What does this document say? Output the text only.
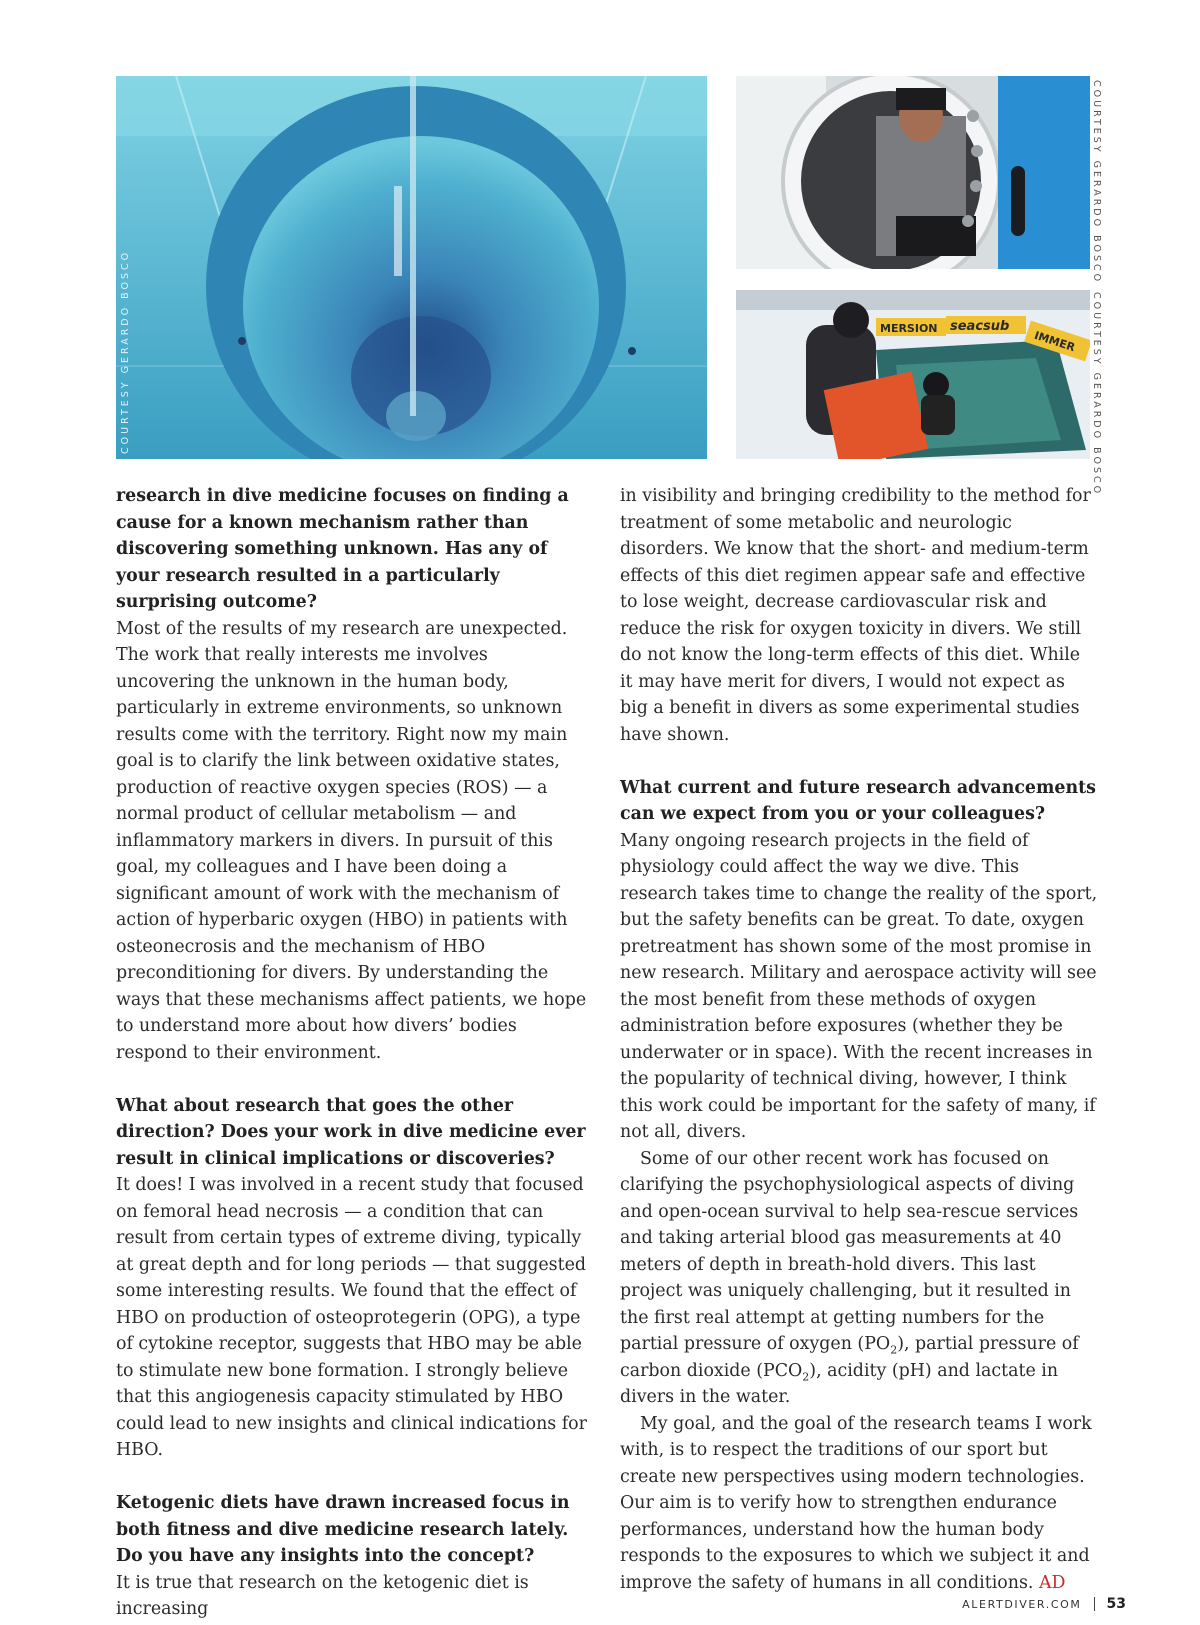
COURTESY GERARDO BOSCO
COURTESY GERARDO BOSCO
MERSION seacsub
IMMER COURTESY GERARDO BOSCO

research in dive medicine focuses on finding a cause for a known mechanism rather than discovering something unknown. Has any of your research resulted in a particularly surprising outcome?

Most of the results of my research are unexpected. The work that really interests me involves uncovering the unknown in the human body, particularly in extreme environments, so unknown results come with the territory. Right now my main goal is to clarify the link between oxidative states, production of reactive oxygen species (ROS) — a normal product of cellular metabolism — and inflammatory markers in divers. In pursuit of this goal, my colleagues and I have been doing a significant amount of work with the mechanism of action of hyperbaric oxygen (HBO) in patients with osteonecrosis and the mechanism of HBO preconditioning for divers. By understanding the ways that these mechanisms affect patients, we hope to understand more about how divers’ bodies respond to their environment.

What about research that goes the other direction? Does your work in dive medicine ever result in clinical implications or discoveries?

It does! I was involved in a recent study that focused on femoral head necrosis — a condition that can result from certain types of extreme diving, typically at great depth and for long periods — that suggested some interesting results. We found that the effect of HBO on production of osteoprotegerin (OPG), a type of cytokine receptor, suggests that HBO may be able to stimulate new bone formation. I strongly believe that this angiogenesis capacity stimulated by HBO could lead to new insights and clinical indications for HBO.

Ketogenic diets have drawn increased focus in both fitness and dive medicine research lately. Do you have any insights into the concept?

It is true that research on the ketogenic diet is increasing

in visibility and bringing credibility to the method for treatment of some metabolic and neurologic disorders. We know that the short- and medium-term effects of this diet regimen appear safe and effective to lose weight, decrease cardiovascular risk and reduce the risk for oxygen toxicity in divers. We still do not know the long-term effects of this diet. While it may have merit for divers, I would not expect as big a benefit in divers as some experimental studies have shown.

What current and future research advancements can we expect from you or your colleagues?

Many ongoing research projects in the field of physiology could affect the way we dive. This research takes time to change the reality of the sport, but the safety benefits can be great. To date, oxygen pretreatment has shown some of the most promise in new research. Military and aerospace activity will see the most benefit from these methods of oxygen administration before exposures (whether they be underwater or in space). With the recent increases in the popularity of technical diving, however, I think this work could be important for the safety of many, if not all, divers.

Some of our other recent work has focused on clarifying the psychophysiological aspects of diving and open-ocean survival to help sea-rescue services and taking arterial blood gas measurements at 40 meters of depth in breath-hold divers. This last project was uniquely challenging, but it resulted in the first real attempt at getting numbers for the partial pressure of oxygen $(PO_2)$, partial pressure of carbon dioxide $(PCO_2)$, acidity (pH) and lactate in divers in the water.

My goal, and the goal of the research teams I work with, is to respect the traditions of our sport but create new perspectives using modern technologies. Our aim is to verify how to strengthen endurance performances, understand how the human body responds to the exposures to which we subject it and improve the safety of humans in all conditions. AD

ALERTDIVER.COM 53
